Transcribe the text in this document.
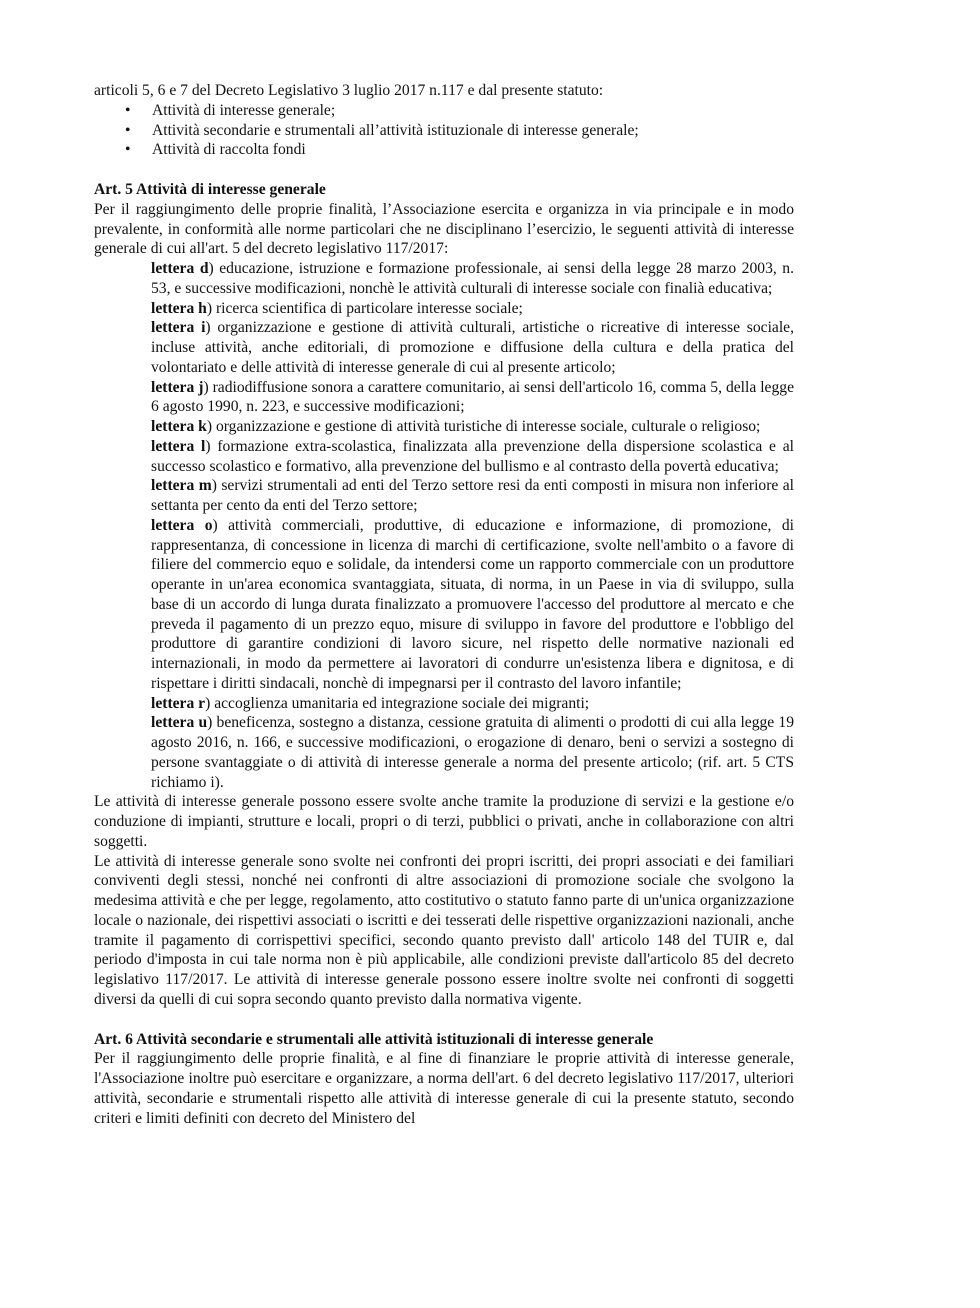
articoli 5, 6 e 7 del Decreto Legislativo 3 luglio 2017 n.117 e dal presente statuto:

• Attività di interesse generale;
• Attività secondarie e strumentali all’attività istituzionale di interesse generale;
• Attività di raccolta fondi

Art. 5 Attività di interesse generale

Per il raggiungimento delle proprie finalità, l’Associazione esercita e organizza in via principale e in modo prevalente, in conformità alle norme particolari che ne disciplinano l’esercizio, le seguenti attività di interesse generale di cui all'art. 5 del decreto legislativo 117/2017:

lettera d) educazione, istruzione e formazione professionale, ai sensi della legge 28 marzo 2003, n. 53, e successive modificazioni, nonchè le attività culturali di interesse sociale con finalià educativa;
lettera h) ricerca scientifica di particolare interesse sociale;
lettera i) organizzazione e gestione di attività culturali, artistiche o ricreative di interesse sociale, incluse attività, anche editoriali, di promozione e diffusione della cultura e della pratica del volontariato e delle attività di interesse generale di cui al presente articolo;
lettera j) radiodiffusione sonora a carattere comunitario, ai sensi dell'articolo 16, comma 5, della legge 6 agosto 1990, n. 223, e successive modificazioni;
lettera k) organizzazione e gestione di attività turistiche di interesse sociale, culturale o religioso;
lettera l) formazione extra-scolastica, finalizzata alla prevenzione della dispersione scolastica e al successo scolastico e formativo, alla prevenzione del bullismo e al contrasto della povertà educativa;
lettera m) servizi strumentali ad enti del Terzo settore resi da enti composti in misura non inferiore al settanta per cento da enti del Terzo settore;
lettera o) attività commerciali, produttive, di educazione e informazione, di promozione, di rappresentanza, di concessione in licenza di marchi di certificazione, svolte nell'ambito o a favore di filiere del commercio equo e solidale, da intendersi come un rapporto commerciale con un produttore operante in un'area economica svantaggiata, situata, di norma, in un Paese in via di sviluppo, sulla base di un accordo di lunga durata finalizzato a promuovere l'accesso del produttore al mercato e che preveda il pagamento di un prezzo equo, misure di sviluppo in favore del produttore e l'obbligo del produttore di garantire condizioni di lavoro sicure, nel rispetto delle normative nazionali ed internazionali, in modo da permettere ai lavoratori di condurre un'esistenza libera e dignitosa, e di rispettare i diritti sindacali, nonchè di impegnarsi per il contrasto del lavoro infantile;
lettera r) accoglienza umanitaria ed integrazione sociale dei migranti;
lettera u) beneficenza, sostegno a distanza, cessione gratuita di alimenti o prodotti di cui alla legge 19 agosto 2016, n. 166, e successive modificazioni, o erogazione di denaro, beni o servizi a sostegno di persone svantaggiate o di attività di interesse generale a norma del presente articolo; (rif. art. 5 CTS richiamo i).

Le attività di interesse generale possono essere svolte anche tramite la produzione di servizi e la gestione e/o conduzione di impianti, strutture e locali, propri o di terzi, pubblici o privati, anche in collaborazione con altri soggetti.

Le attività di interesse generale sono svolte nei confronti dei propri iscritti, dei propri associati e dei familiari conviventi degli stessi, nonché nei confronti di altre associazioni di promozione sociale che svolgono la medesima attività e che per legge, regolamento, atto costitutivo o statuto fanno parte di un'unica organizzazione locale o nazionale, dei rispettivi associati o iscritti e dei tesserati delle rispettive organizzazioni nazionali, anche tramite il pagamento di corrispettivi specifici, secondo quanto previsto dall' articolo 148 del TUIR e, dal periodo d'imposta in cui tale norma non è più applicabile, alle condizioni previste dall'articolo 85 del decreto legislativo 117/2017. Le attività di interesse generale possono essere inoltre svolte nei confronti di soggetti diversi da quelli di cui sopra secondo quanto previsto dalla normativa vigente.

Art. 6 Attività secondarie e strumentali alle attività istituzionali di interesse generale

Per il raggiungimento delle proprie finalità, e al fine di finanziare le proprie attività di interesse generale, l'Associazione inoltre può esercitare e organizzare, a norma dell'art. 6 del decreto legislativo 117/2017, ulteriori attività, secondarie e strumentali rispetto alle attività di interesse generale di cui la presente statuto, secondo criteri e limiti definiti con decreto del Ministero del
